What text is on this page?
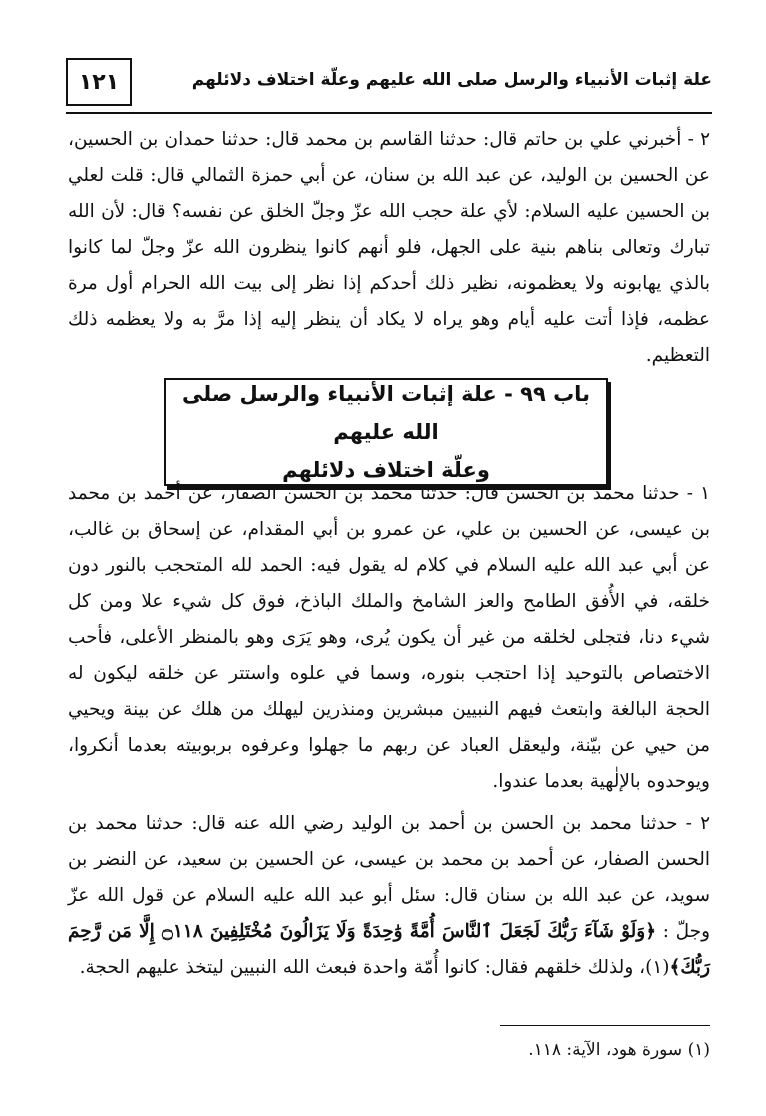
١٢١	علة إثبات الأنبياء والرسل صلى الله عليهم وعلّة اختلاف دلائلهم
٢ - أخبرني علي بن حاتم قال: حدثنا القاسم بن محمد قال: حدثنا حمدان بن الحسين، عن الحسين بن الوليد، عن عبد الله بن سنان، عن أبي حمزة الثمالي قال: قلت لعلي بن الحسين عليه السلام: لأي علة حجب الله عزّ وجلّ الخلق عن نفسه؟ قال: لأن الله تبارك وتعالى بناهم بنية على الجهل، فلو أنهم كانوا ينظرون الله عزّ وجلّ لما كانوا بالذي يهابونه ولا يعظمونه، نظير ذلك أحدكم إذا نظر إلى بيت الله الحرام أول مرة عظمه، فإذا أتت عليه أيام وهو يراه لا يكاد أن ينظر إليه إذا مرَّ به ولا يعظمه ذلك التعظيم.
باب ٩٩ - علة إثبات الأنبياء والرسل صلى الله عليهم
وعلّة اختلاف دلائلهم
١ - حدثنا محمد بن الحسن قال: حدثنا محمد بن الحسن الصفار، عن أحمد بن محمد بن عيسى، عن الحسين بن علي، عن عمرو بن أبي المقدام، عن إسحاق بن غالب، عن أبي عبد الله عليه السلام في كلام له يقول فيه: الحمد لله المتحجب بالنور دون خلقه، في الأُفق الطامح والعز الشامخ والملك الباذخ، فوق كل شيء علا ومن كل شيء دنا، فتجلى لخلقه من غير أن يكون يُرى، وهو يَرَى وهو بالمنظر الأعلى، فأحب الاختصاص بالتوحيد إذا احتجب بنوره، وسما في علوه واستتر عن خلقه ليكون له الحجة البالغة وابتعث فيهم النبيين مبشرين ومنذرين ليهلك من هلك عن بينة ويحيي من حيي عن بيّنة، وليعقل العباد عن ربهم ما جهلوا وعرفوه بربوبيته بعدما أنكروا، ويوحدوه بالإلٰهية بعدما عندوا.
٢ - حدثنا محمد بن الحسن بن أحمد بن الوليد رضي الله عنه قال: حدثنا محمد بن الحسن الصفار، عن أحمد بن محمد بن عيسى، عن الحسين بن سعيد، عن النضر بن سويد، عن عبد الله بن سنان قال: سئل أبو عبد الله عليه السلام عن قول الله عزّ وجلّ : ﴿وَلَوْ شَآءَ رَبُّكَ لَجَعَلَ ٱلنَّاسَ أُمَّةً وَٰحِدَةً وَلَا يَزَالُونَ مُخْتَلِفِينَ ۝١١٨ إِلَّا مَن رَّحِمَ رَبُّكَ﴾(١)، ولذلك خلقهم فقال: كانوا أُمّة واحدة فبعث الله النبيين ليتخذ عليهم الحجة.
(١) سورة هود، الآية: ١١٨.
